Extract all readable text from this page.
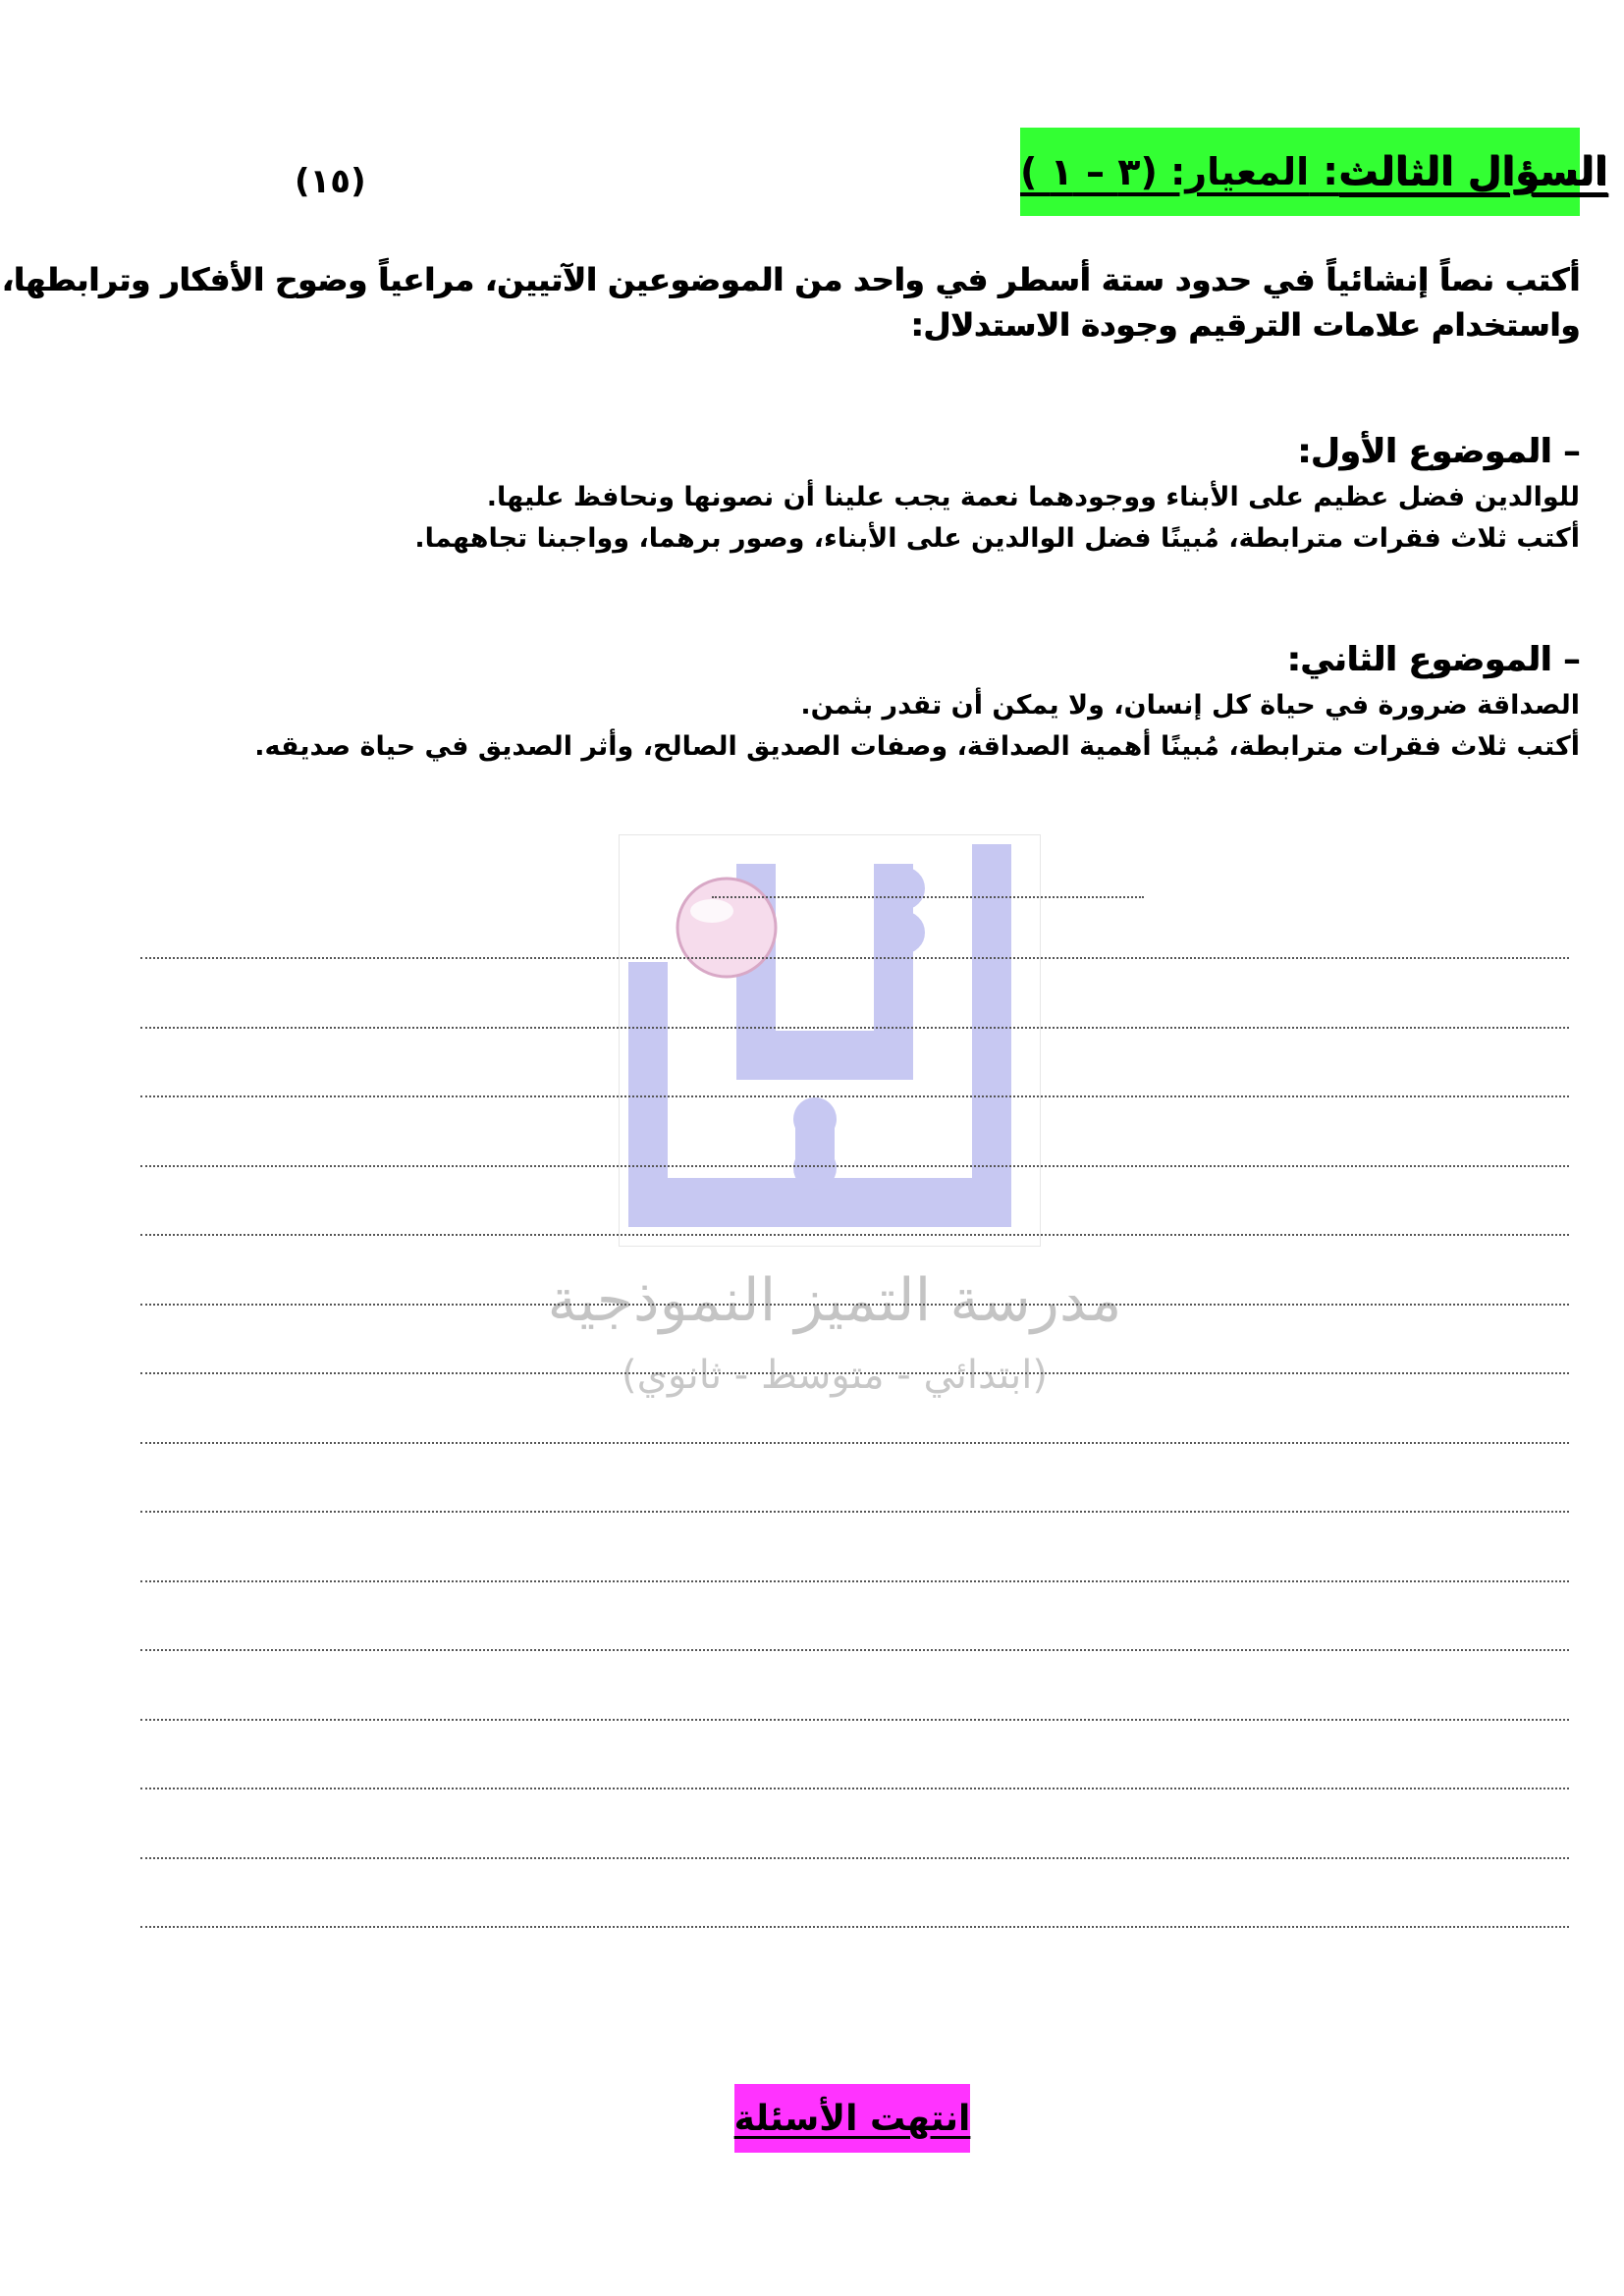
السؤال الثالث: المعيار: (٣ – ١ )
(١٥)

أكتب نصاً إنشائياً في حدود ستة أسطر في واحد من الموضوعين الآتيين، مراعياً وضوح الأفكار وترابطها،

واستخدام علامات الترقيم وجودة الاستدلال:

– الموضوع الأول:

للوالدين فضل عظيم على الأبناء ووجودهما نعمة يجب علينا أن نصونها ونحافظ عليها.

أكتب ثلاث فقرات مترابطة، مُبينًا فضل الوالدين على الأبناء، وصور برهما، وواجبنا تجاههما.

– الموضوع الثاني:

الصداقة ضرورة في حياة كل إنسان، ولا يمكن أن تقدر بثمن.

أكتب ثلاث فقرات مترابطة، مُبينًا أهمية الصداقة، وصفات الصديق الصالح، وأثر الصديق في حياة صديقه.

مدرسة التميز النموذجية
(ابتدائي - متوسط - ثانوي)
انتهت الأسئلة
